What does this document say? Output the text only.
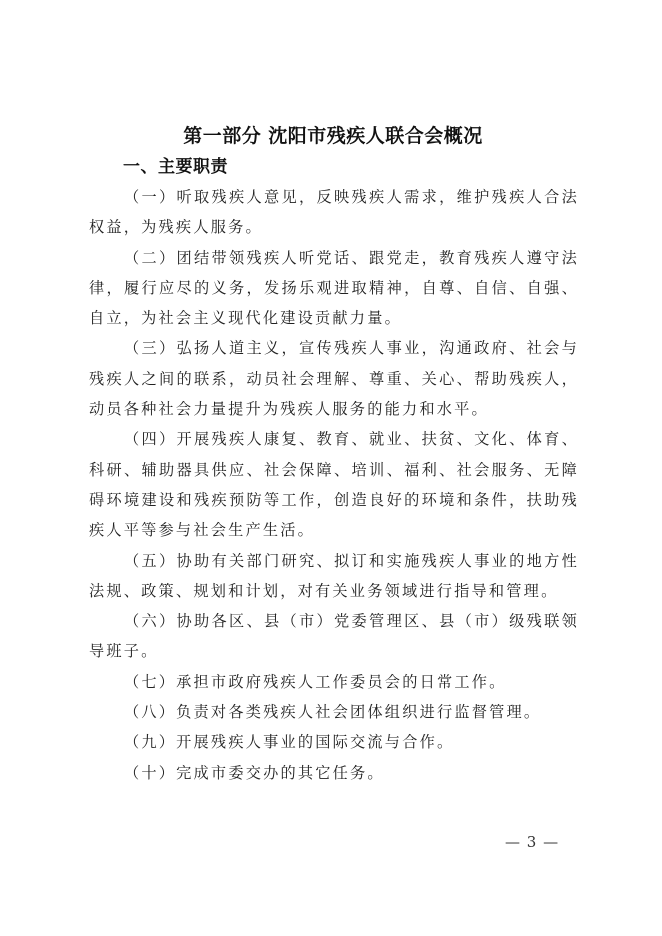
第一部分 沈阳市残疾人联合会概况
一、主要职责

（一）听取残疾人意见，反映残疾人需求，维护残疾人合法权益，为残疾人服务。

（二）团结带领残疾人听党话、跟党走，教育残疾人遵守法律，履行应尽的义务，发扬乐观进取精神，自尊、自信、自强、自立，为社会主义现代化建设贡献力量。

（三）弘扬人道主义，宣传残疾人事业，沟通政府、社会与残疾人之间的联系，动员社会理解、尊重、关心、帮助残疾人，动员各种社会力量提升为残疾人服务的能力和水平。

（四）开展残疾人康复、教育、就业、扶贫、文化、体育、科研、辅助器具供应、社会保障、培训、福利、社会服务、无障碍环境建设和残疾预防等工作，创造良好的环境和条件，扶助残疾人平等参与社会生产生活。

（五）协助有关部门研究、拟订和实施残疾人事业的地方性法规、政策、规划和计划，对有关业务领域进行指导和管理。

（六）协助各区、县（市）党委管理区、县（市）级残联领导班子。

（七）承担市政府残疾人工作委员会的日常工作。

（八）负责对各类残疾人社会团体组织进行监督管理。

（九）开展残疾人事业的国际交流与合作。

（十）完成市委交办的其它任务。

— 3 —
